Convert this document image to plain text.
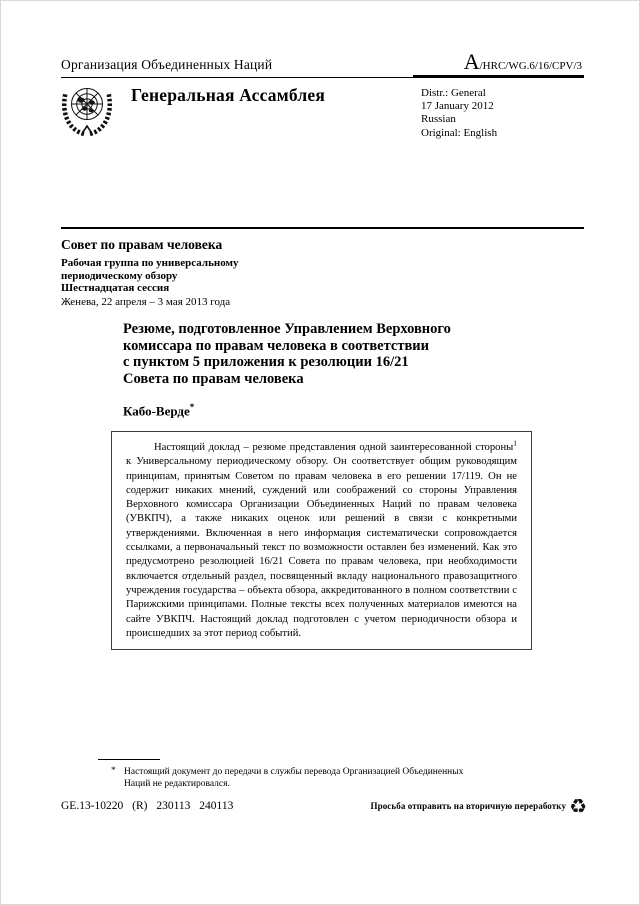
Организация Объединенных Наций	A/HRC/WG.6/16/CPV/3
Генеральная Ассамблея	Distr.: General
17 January 2012
Russian
Original: English

Совет по правам человека

Рабочая группа по универсальному
периодическому обзору
Шестнадцатая сессия
Женева, 22 апреля – 3 мая 2013 года
Резюме, подготовленное Управлением Верховного
комиссара по правам человека в соответствии
с пунктом 5 приложения к резолюции 16/21
Совета по правам человека
Кабо-Верде*

Настоящий доклад – резюме представления одной заинтересованной стороны$^1$ к Универсальному периодическому обзору. Он соответствует общим руководящим принципам, принятым Советом по правам человека в его решении 17/119. Он не содержит никаких мнений, суждений или соображений со стороны Управления Верховного комиссара Организации Объединенных Наций по правам человека (УВКПЧ), а также никаких оценок или решений в связи с конкретными утверждениями. Включенная в него информация систематически сопровождается ссылками, а первоначальный текст по возможности оставлен без изменений. Как это предусмотрено резолюцией 16/21 Совета по правам человека, при необходимости включается отдельный раздел, посвященный вкладу национального правозащитного учреждения государства – объекта обзора, аккредитованного в полном соответствии с Парижскими принципами. Полные тексты всех полученных материалов имеются на сайте УВКПЧ. Настоящий доклад подготовлен с учетом периодичности обзора и происшедших за этот период событий.

* Настоящий документ до передачи в службы перевода Организацией Объединенных Наций не редактировался.
GE.13-10220 (R) 230113 240113	Просьба отправить на вторичную переработку ♻
